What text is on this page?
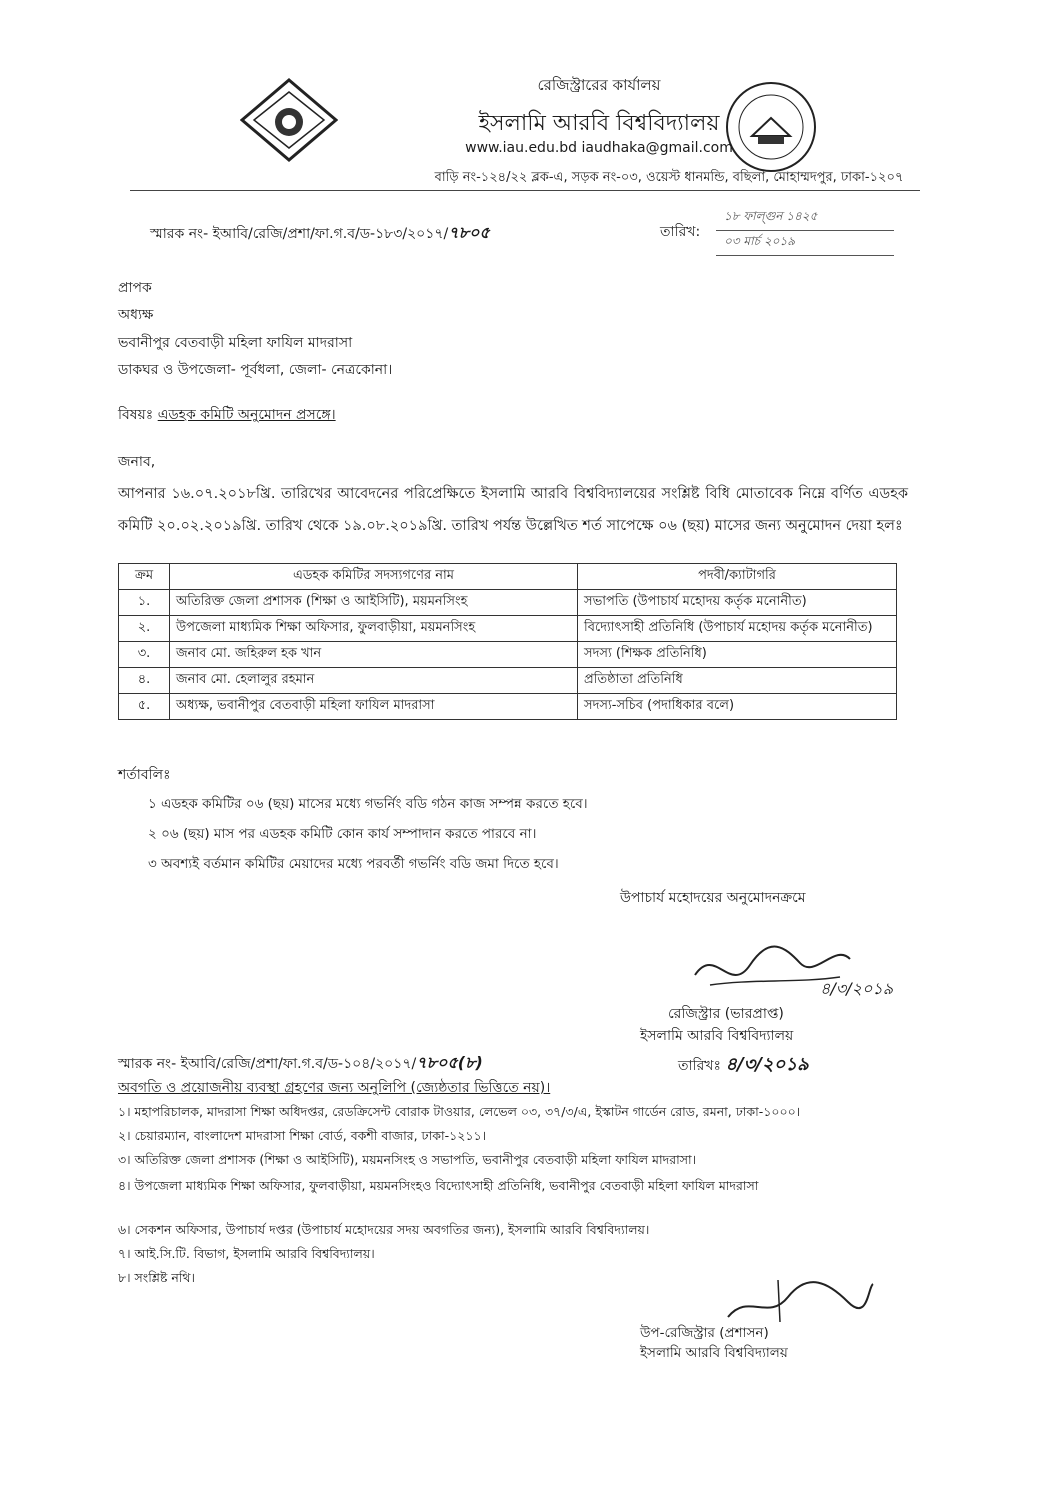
রেজিস্ট্রারের কার্যালয়
ইসলামি আরবি বিশ্ববিদ্যালয়
www.iau.edu.bd iaudhaka@gmail.com
বাড়ি নং-১২৪/২২ ব্লক-এ, সড়ক নং-০৩, ওয়েস্ট ধানমন্ডি, বছিলা, মোহাম্মদপুর, ঢাকা-১২০৭
স্মারক নং- ইআবি/রেজি/প্রশা/ফা.গ.ব/ড-১৮৩/২০১৭/৭৮০৫	তারিখ:
১৮ ফাল্গুন ১৪২৫
০৩ মার্চ ২০১৯
প্রাপক
অধ্যক্ষ
ভবানীপুর বেতবাড়ী মহিলা ফাযিল মাদরাসা
ডাকঘর ও উপজেলা- পূর্বধলা, জেলা- নেত্রকোনা।
বিষয়ঃ এডহক কমিটি অনুমোদন প্রসঙ্গে।
জনাব,
আপনার ১৬.০৭.২০১৮খ্রি. তারিখের আবেদনের পরিপ্রেক্ষিতে ইসলামি আরবি বিশ্ববিদ্যালয়ের সংশ্লিষ্ট বিধি মোতাবেক নিম্নে বর্ণিত এডহক কমিটি ২০.০২.২০১৯খ্রি. তারিখ থেকে ১৯.০৮.২০১৯খ্রি. তারিখ পর্যন্ত উল্লেখিত শর্ত সাপেক্ষে ০৬ (ছয়) মাসের জন্য অনুমোদন দেয়া হলঃ
ক্রম	এডহক কমিটির সদস্যগণের নাম	পদবী/ক্যাটাগরি
১.	অতিরিক্ত জেলা প্রশাসক (শিক্ষা ও আইসিটি), ময়মনসিংহ	সভাপতি (উপাচার্য মহোদয় কর্তৃক মনোনীত)
২.	উপজেলা মাধ্যমিক শিক্ষা অফিসার, ফুলবাড়ীয়া, ময়মনসিংহ	বিদ্যোৎসাহী প্রতিনিধি (উপাচার্য মহোদয় কর্তৃক মনোনীত)
৩.	জনাব মো. জহিরুল হক খান	সদস্য (শিক্ষক প্রতিনিধি)
৪.	জনাব মো. হেলালুর রহমান	প্রতিষ্ঠাতা প্রতিনিধি
৫.	অধ্যক্ষ, ভবানীপুর বেতবাড়ী মহিলা ফাযিল মাদরাসা	সদস্য-সচিব (পদাধিকার বলে)
শর্তাবলিঃ
১ এডহক কমিটির ০৬ (ছয়) মাসের মধ্যে গভর্নিং বডি গঠন কাজ সম্পন্ন করতে হবে।
২ ০৬ (ছয়) মাস পর এডহক কমিটি কোন কার্য সম্পাদান করতে পারবে না।
৩ অবশ্যই বর্তমান কমিটির মেয়াদের মধ্যে পরবর্তী গভর্নিং বডি জমা দিতে হবে।
উপাচার্য মহোদয়ের অনুমোদনক্রমে
৪/৩/২০১৯
রেজিস্ট্রার (ভারপ্রাপ্ত)
ইসলামি আরবি বিশ্ববিদ্যালয়
স্মারক নং- ইআবি/রেজি/প্রশা/ফা.গ.ব/ড-১০৪/২০১৭/৭৮০৫(৮)	তারিখঃ ৪/৩/২০১৯
অবগতি ও প্রয়োজনীয় ব্যবস্থা গ্রহণের জন্য অনুলিপি (জ্যেষ্ঠতার ভিত্তিতে নয়)।
১। মহাপরিচালক, মাদরাসা শিক্ষা অধিদপ্তর, রেডক্রিসেন্ট বোরাক টাওয়ার, লেভেল ০৩, ৩৭/৩/এ, ইস্কাটন গার্ডেন রোড, রমনা, ঢাকা-১০০০।
২। চেয়ারম্যান, বাংলাদেশ মাদরাসা শিক্ষা বোর্ড, বকশী বাজার, ঢাকা-১২১১।
৩। অতিরিক্ত জেলা প্রশাসক (শিক্ষা ও আইসিটি), ময়মনসিংহ ও সভাপতি, ভবানীপুর বেতবাড়ী মহিলা ফাযিল মাদরাসা।
৪। উপজেলা মাধ্যমিক শিক্ষা অফিসার, ফুলবাড়ীয়া, ময়মনসিংহও বিদ্যোৎসাহী প্রতিনিধি, ভবানীপুর বেতবাড়ী মহিলা ফাযিল মাদরাসা
৬। সেকশন অফিসার, উপাচার্য দপ্তর (উপাচার্য মহোদয়ের সদয় অবগতির জন্য), ইসলামি আরবি বিশ্ববিদ্যালয়।
৭। আই.সি.টি. বিভাগ, ইসলামি আরবি বিশ্ববিদ্যালয়।
৮। সংশ্লিষ্ট নথি।
উপ-রেজিস্ট্রার (প্রশাসন)
ইসলামি আরবি বিশ্ববিদ্যালয়
